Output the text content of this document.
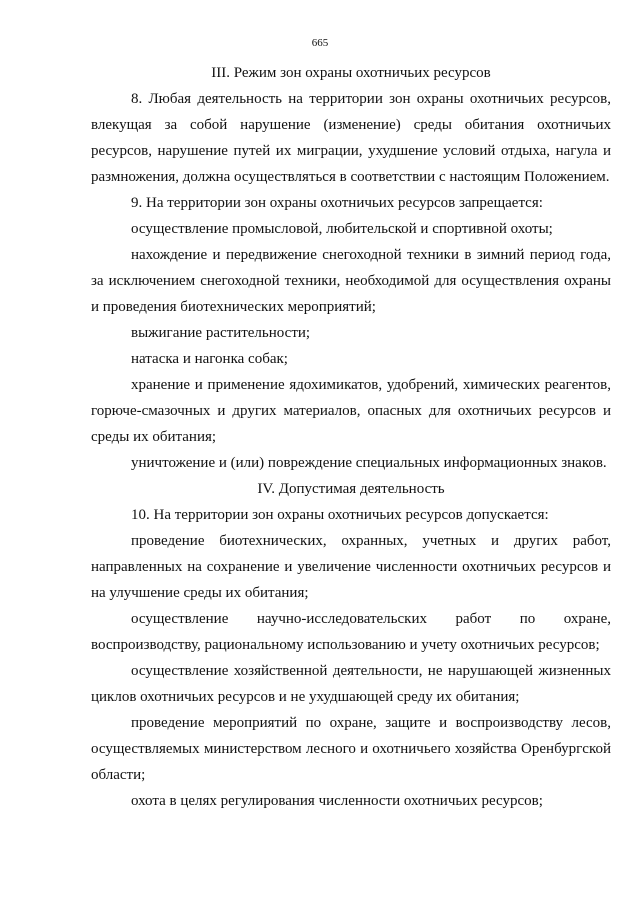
665

III. Режим зон охраны охотничьих ресурсов

8. Любая деятельность на территории зон охраны охотничьих ресурсов, влекущая за собой нарушение (изменение) среды обитания охотничьих ресурсов, нарушение путей их миграции, ухудшение условий отдыха, нагула и размножения, должна осуществляться в соответствии с настоящим Положением.

9. На территории зон охраны охотничьих ресурсов запрещается:

осуществление промысловой, любительской и спортивной охоты;

нахождение и передвижение снегоходной техники в зимний период года, за исключением снегоходной техники, необходимой для осуществления охраны и проведения биотехнических мероприятий;

выжигание растительности;

натаска и нагонка собак;

хранение и применение ядохимикатов, удобрений, химических реагентов, горюче-смазочных и других материалов, опасных для охотничьих ресурсов и среды их обитания;

уничтожение и (или) повреждение специальных информационных знаков.

IV. Допустимая деятельность

10. На территории зон охраны охотничьих ресурсов допускается:

проведение биотехнических, охранных, учетных и других работ, направленных на сохранение и увеличение численности охотничьих ресурсов и на улучшение среды их обитания;

осуществление научно-исследовательских работ по охране, воспроизводству, рациональному использованию и учету охотничьих ресурсов;

осуществление хозяйственной деятельности, не нарушающей жизненных циклов охотничьих ресурсов и не ухудшающей среду их обитания;

проведение мероприятий по охране, защите и воспроизводству лесов, осуществляемых министерством лесного и охотничьего хозяйства Оренбургской области;

охота в целях регулирования численности охотничьих ресурсов;
